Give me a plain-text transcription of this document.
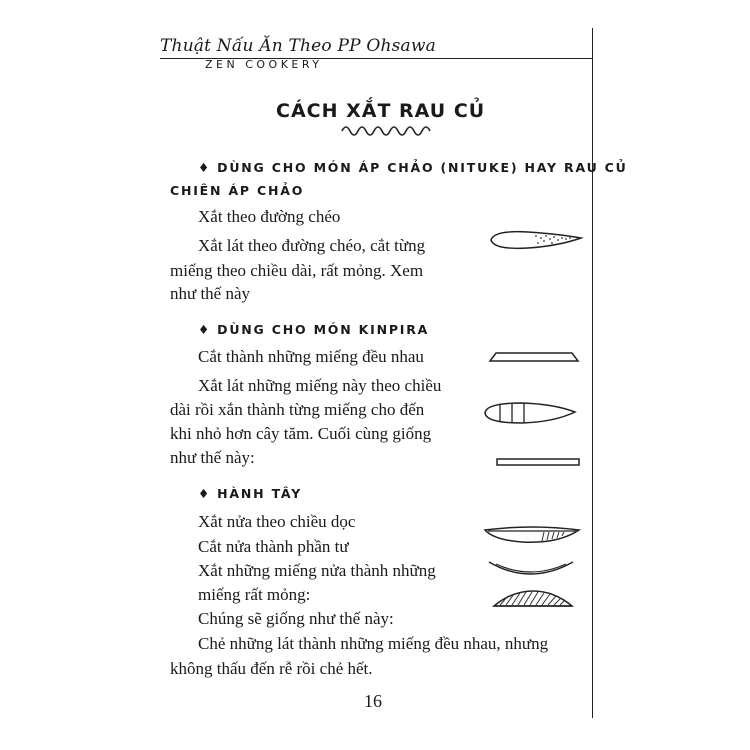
Thuật Nấu Ăn Theo PP Ohsawa
ZEN COOKERY
CÁCH XẮT RAU CỦ
♦ DÙNG CHO MÓN ÁP CHẢO (NITUKE) HAY RAU CỦ
CHIÊN ÁP CHẢO
Xắt theo đường chéo
Xắt lát theo đường chéo, cắt từng
miếng theo chiều dài, rất mỏng. Xem
như thế này
♦ DÙNG CHO MÓN KINPIRA
Cắt thành những miếng đều nhau
Xắt lát những miếng này theo chiều
dài rồi xắn thành từng miếng cho đến
khi nhỏ hơn cây tăm. Cuối cùng giống
như thế này:
♦ HÀNH TÂY
Xắt nửa theo chiều dọc
Cắt nửa thành phần tư
Xắt những miếng nửa thành những
miếng rất mỏng:
Chúng sẽ giống như thế này:
Chẻ những lát thành những miếng đều nhau, nhưng
không thấu đến rễ rồi chẻ hết.
16
